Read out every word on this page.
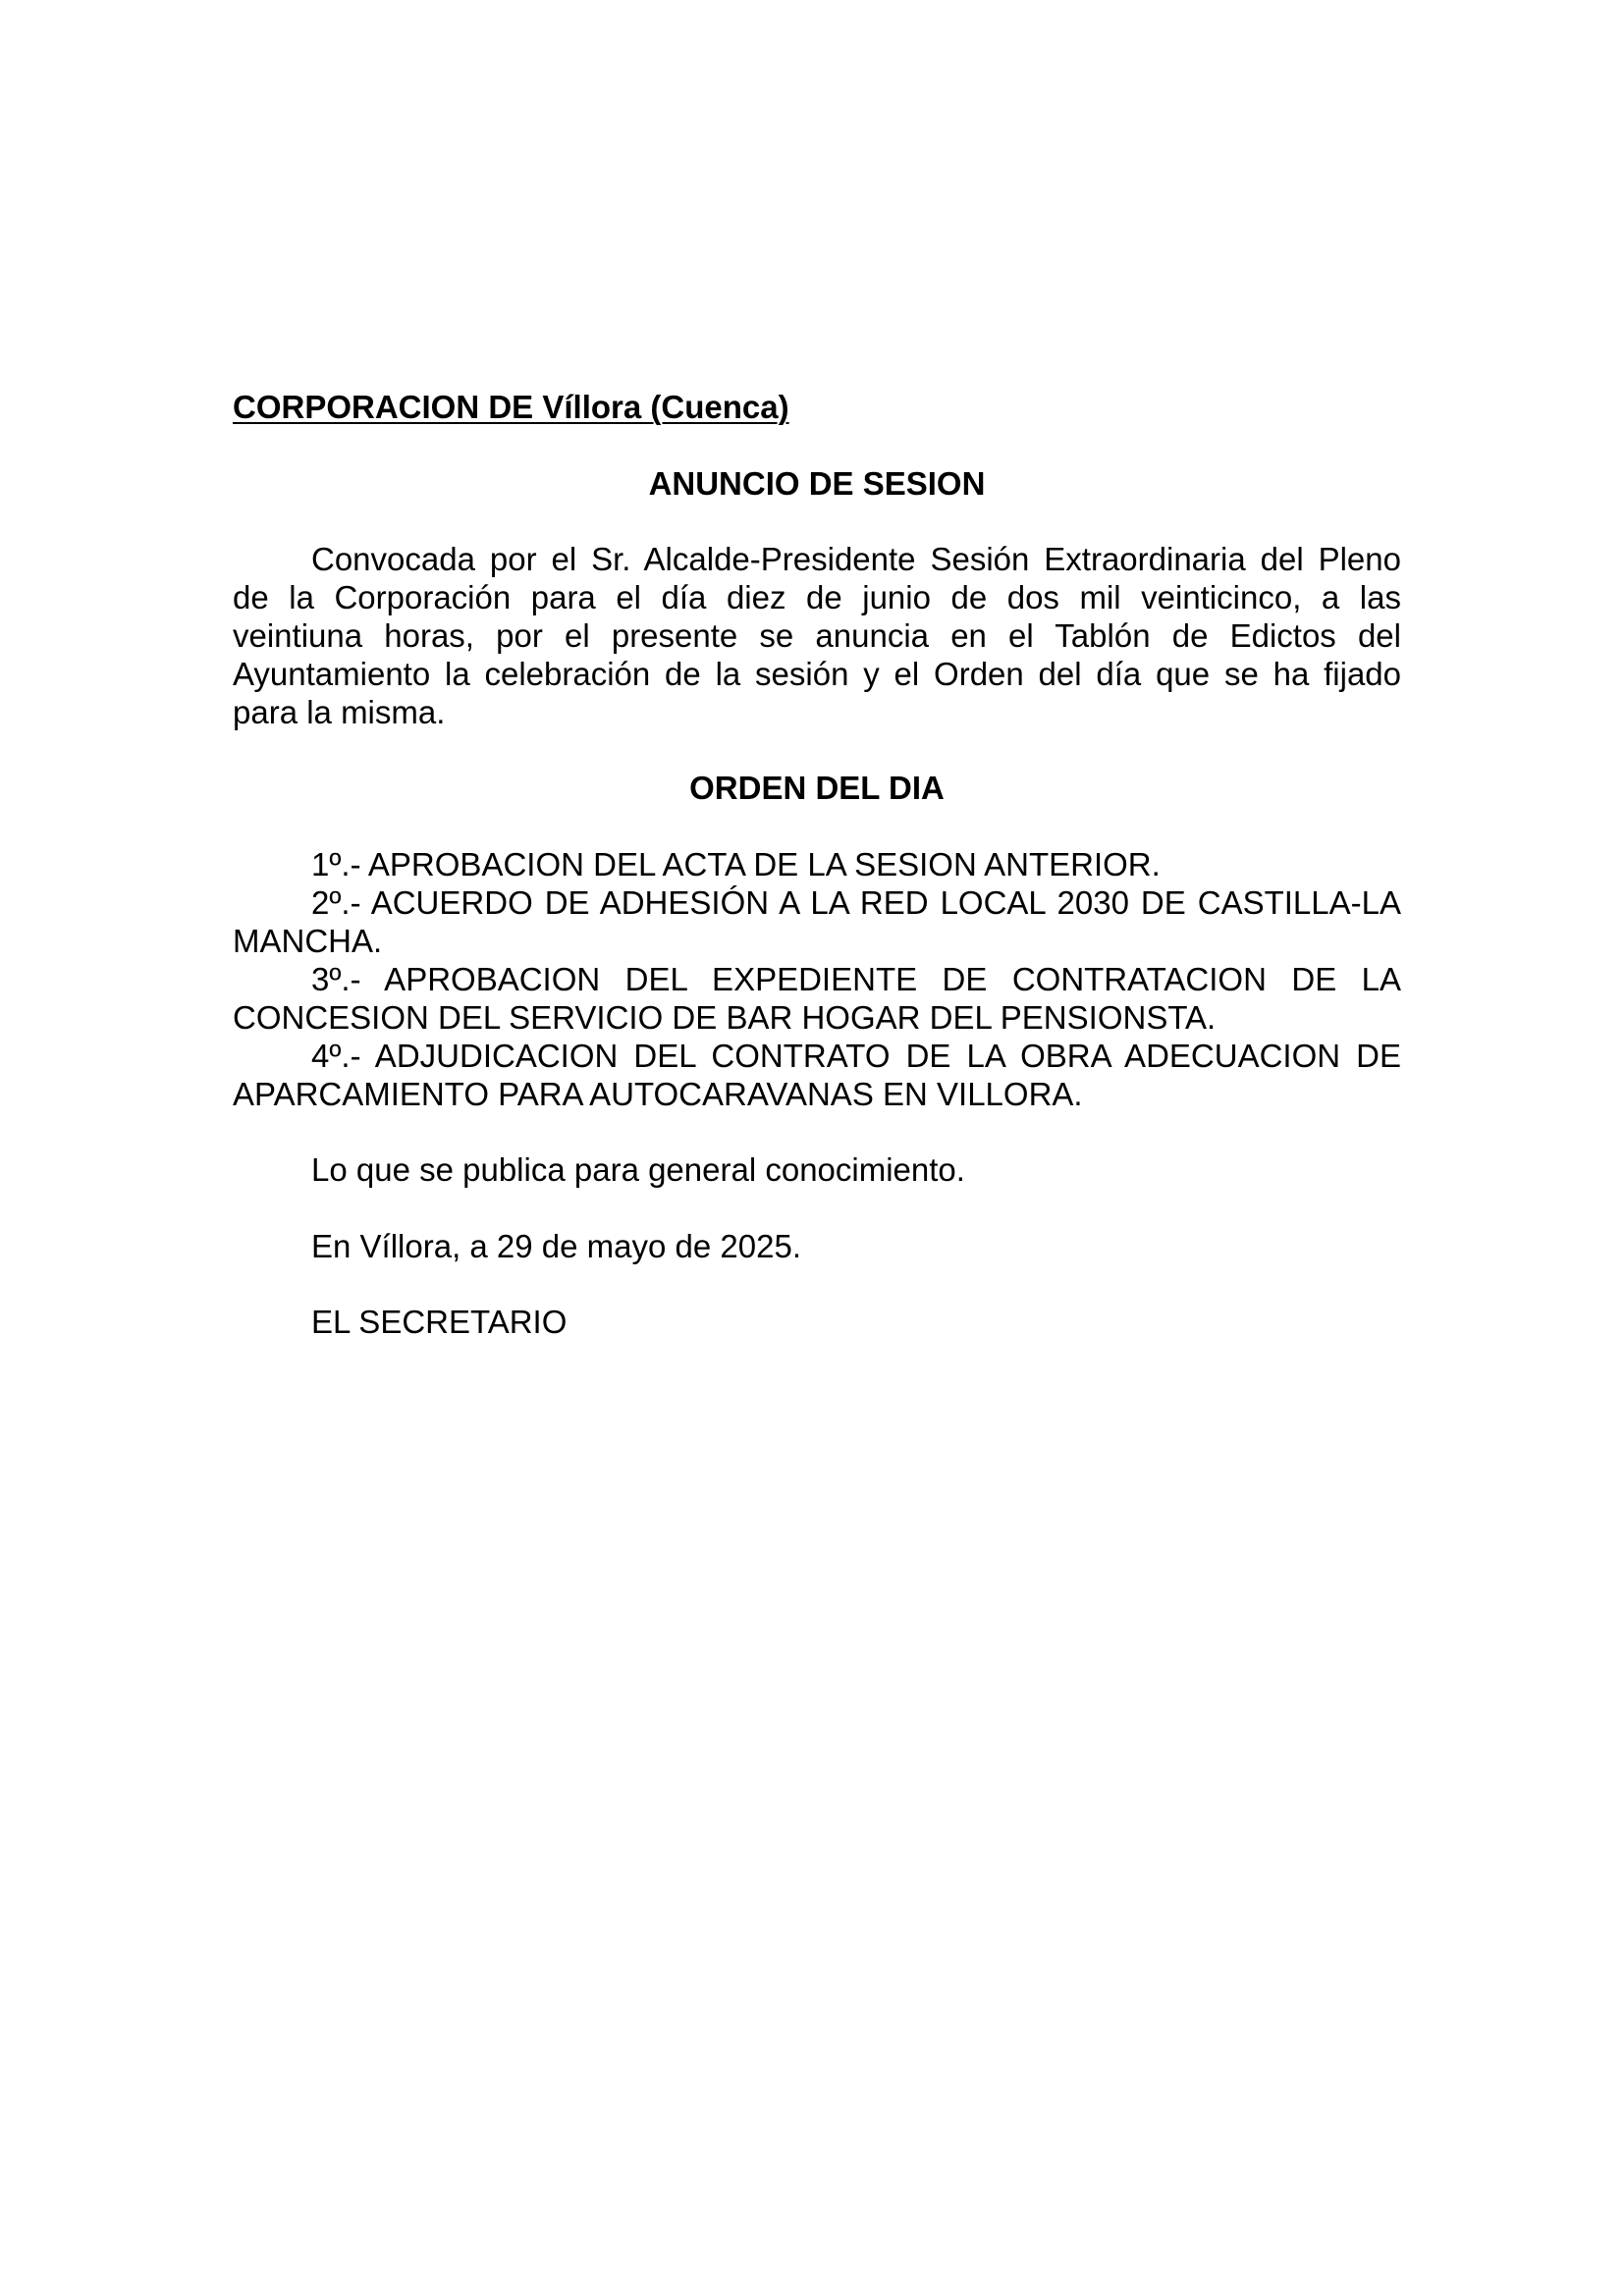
CORPORACION DE Víllora (Cuenca)
ANUNCIO DE SESION
Convocada por el Sr. Alcalde-Presidente Sesión Extraordinaria del Pleno
de la Corporación para el día diez de junio de dos mil veinticinco, a las
veintiuna horas, por el presente se anuncia en el Tablón de Edictos del
Ayuntamiento la celebración de la sesión y el Orden del día que se ha fijado
para la misma.
ORDEN DEL DIA
1º.- APROBACION DEL ACTA DE LA SESION ANTERIOR.
2º.- ACUERDO DE ADHESIÓN A LA RED LOCAL 2030 DE CASTILLA-LA
MANCHA.
3º.- APROBACION DEL EXPEDIENTE DE CONTRATACION DE LA
CONCESION DEL SERVICIO DE BAR HOGAR DEL PENSIONSTA.
4º.- ADJUDICACION DEL CONTRATO DE LA OBRA ADECUACION DE
APARCAMIENTO PARA AUTOCARAVANAS EN VILLORA.
Lo que se publica para general conocimiento.
En Víllora, a 29 de mayo de 2025.
EL SECRETARIO
